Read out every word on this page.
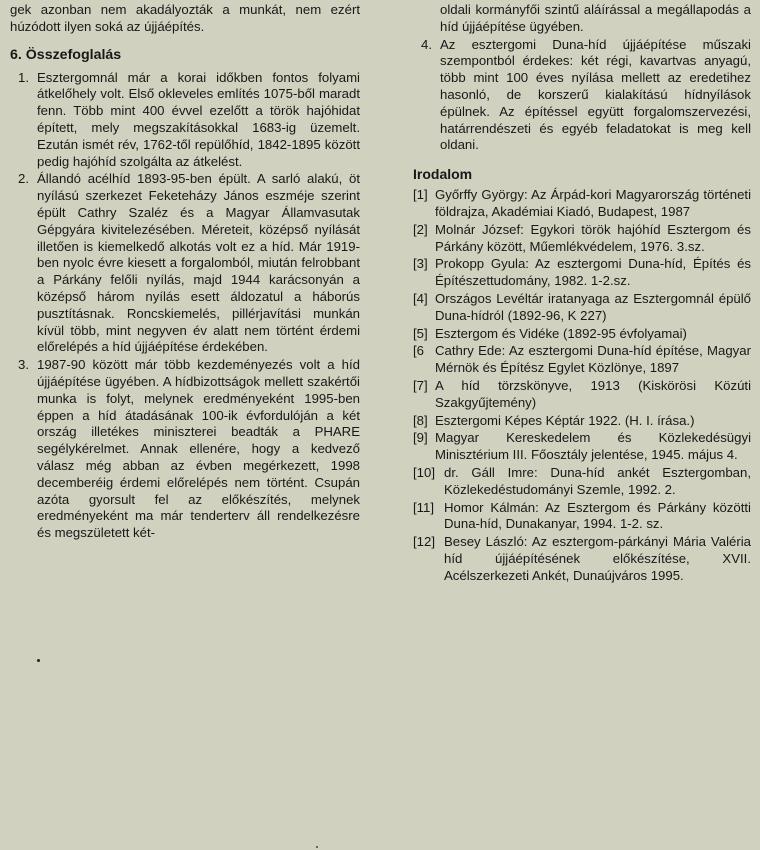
gek azonban nem akadályozták a munkát, nem ezért húzódott ilyen soká az újjáépítés.

6. Összefoglalás
1. Esztergomnál már a korai időkben fontos folyami átkelőhely volt. Első okleveles említés 1075-ből maradt fenn. Több mint 400 évvel ezelőtt a török hajóhidat épített, mely megszakításokkal 1683-ig üzemelt. Ezután ismét rév, 1762-től repülőhíd, 1842-1895 között pedig hajóhíd szolgálta az átkelést.
2. Állandó acélhíd 1893-95-ben épült. A sarló alakú, öt nyílású szerkezet Feketeházy János eszméje szerint épült Cathry Szaléz és a Magyar Államvasutak Gépgyára kivitelezésében. Méreteit, középső nyílását illetően is kiemelkedő alkotás volt ez a híd. Már 1919-ben nyolc évre kiesett a forgalomból, miután felrobbant a Párkány felőli nyílás, majd 1944 karácsonyán a középső három nyílás esett áldozatul a háborús pusztításnak. Roncskiemelés, pillérjavítási munkán kívül több, mint negyven év alatt nem történt érdemi előrelépés a híd újjáépítése érdekében.
3. 1987-90 között már több kezdeményezés volt a híd újjáépítése ügyében. A hídbizottságok mellett szakértői munka is folyt, melynek eredményeként 1995-ben éppen a híd átadásának 100-ik évfordulóján a két ország illetékes miniszterei beadták a PHARE segélykérelmet. Annak ellenére, hogy a kedvező válasz még abban az évben megérkezett, 1998 decemberéig érdemi előrelépés nem történt. Csupán azóta gyorsult fel az előkészítés, melynek eredményeként ma már tenderterv áll rendelkezésre és megszületett két-
oldali kormányfői szintű aláírással a megállapodás a híd újjáépítése ügyében.
4. Az esztergomi Duna-híd újjáépítése műszaki szempontból érdekes: két régi, kavartvas anyagú, több mint 100 éves nyílása mellett az eredetihez hasonló, de korszerű kialakítású hídnyílások épülnek. Az építéssel együtt forgalomszervezési, határrendészeti és egyéb feladatokat is meg kell oldani.
Irodalom
[1] Győrffy György: Az Árpád-kori Magyarország történeti földrajza, Akadémiai Kiadó, Budapest, 1987
[2] Molnár József: Egykori török hajóhíd Esztergom és Párkány között, Műemlékvédelem, 1976. 3.sz.
[3] Prokopp Gyula: Az esztergomi Duna-híd, Építés és Építészettudomány, 1982. 1-2.sz.
[4] Országos Levéltár iratanyaga az Esztergomnál épülő Duna-hídról (1892-96, K 227)
[5] Esztergom és Vidéke (1892-95 évfolyamai)
[6 Cathry Ede: Az esztergomi Duna-híd építése, Magyar Mérnök és Építész Egylet Közlönye, 1897
[7] A híd törzskönyve, 1913 (Kiskörösi Közúti Szakgyűjtemény)
[8] Esztergomi Képes Képtár 1922. (H. I. írása.)
[9] Magyar Kereskedelem és Közlekedésügyi Minisztérium III. Főosztály jelentése, 1945. május 4.
[10] dr. Gáll Imre: Duna-híd ankét Esztergomban, Közlekedéstudományi Szemle, 1992. 2.
[11] Homor Kálmán: Az Esztergom és Párkány közötti Duna-híd, Dunakanyar, 1994. 1-2. sz.
[12] Besey László: Az esztergom-párkányi Mária Valéria híd újjáépítésének előkészítése, XVII. Acélszerkezeti Ankét, Dunaújváros 1995.
